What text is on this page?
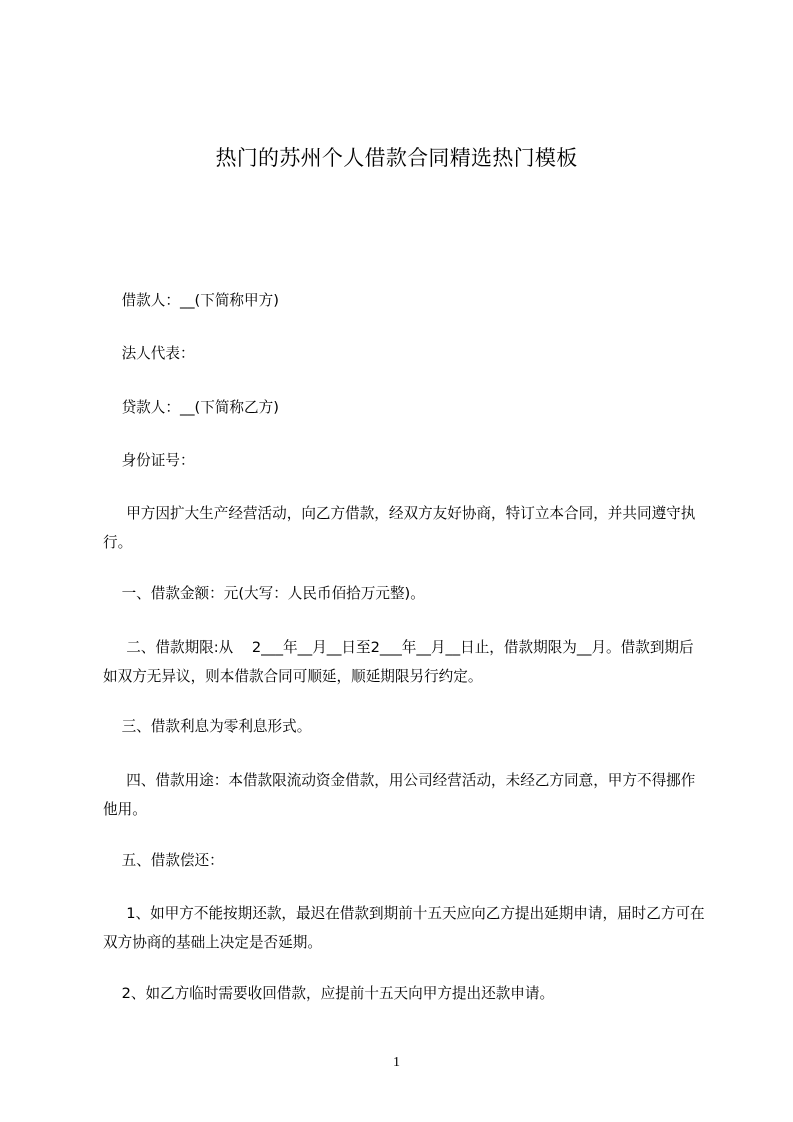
热门的苏州个人借款合同精选热门模板

借款人：__(下简称甲方)

法人代表：

贷款人：__(下简称乙方)

身份证号：

甲方因扩大生产经营活动，向乙方借款，经双方友好协商，特订立本合同，并共同遵守执行。

一、借款金额：元(大写：人民币佰拾万元整)。

二、借款期限:从    2___年__月__日至2___年__月__日止，借款期限为__月。借款到期后如双方无异议，则本借款合同可顺延，顺延期限另行约定。

三、借款利息为零利息形式。

四、借款用途：本借款限流动资金借款，用公司经营活动，未经乙方同意，甲方不得挪作他用。

五、借款偿还：

1、如甲方不能按期还款，最迟在借款到期前十五天应向乙方提出延期申请，届时乙方可在双方协商的基础上决定是否延期。

2、如乙方临时需要收回借款，应提前十五天向甲方提出还款申请。

1
